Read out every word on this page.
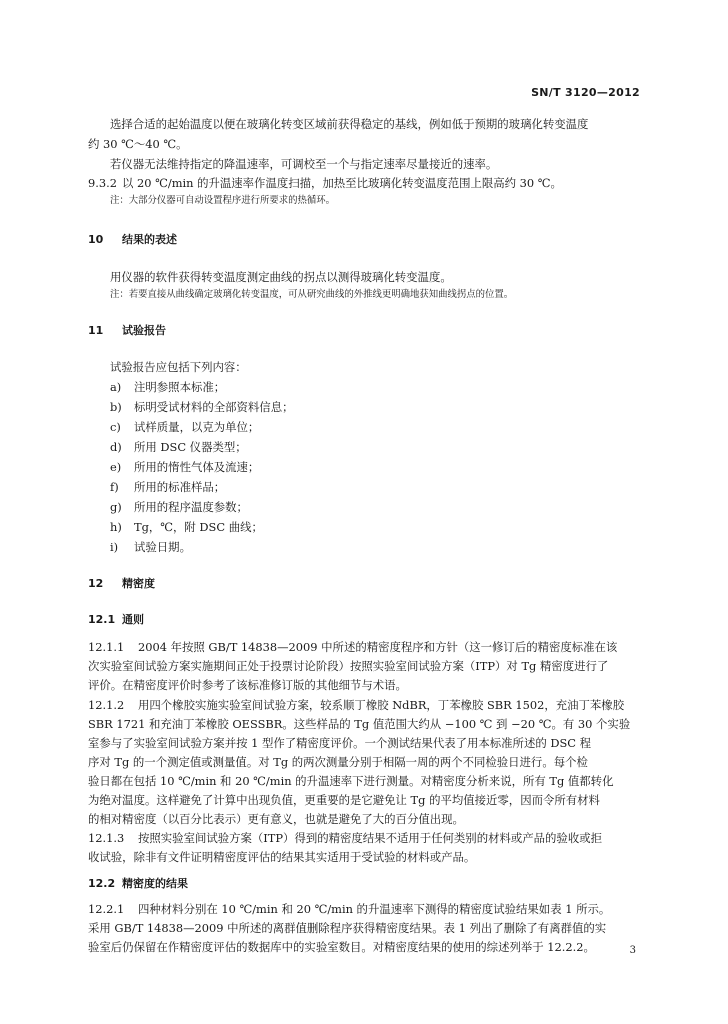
SN/T 3120—2012
选择合适的起始温度以便在玻璃化转变区域前获得稳定的基线，例如低于预期的玻璃化转变温度
约 30 ℃～40 ℃。
若仪器无法维持指定的降温速率，可调校至一个与指定速率尽量接近的速率。
9.3.2 以 20 ℃/min 的升温速率作温度扫描，加热至比玻璃化转变温度范围上限高约 30 ℃。
注：大部分仪器可自动设置程序进行所要求的热循环。
10 结果的表述
用仪器的软件获得转变温度测定曲线的拐点以测得玻璃化转变温度。
注：若要直接从曲线确定玻璃化转变温度，可从研究曲线的外推线更明确地获知曲线拐点的位置。
11 试验报告
试验报告应包括下列内容：
a) 注明参照本标准；
b) 标明受试材料的全部资料信息；
c) 试样质量，以克为单位；
d) 所用 DSC 仪器类型；
e) 所用的惰性气体及流速；
f) 所用的标准样品；
g) 所用的程序温度参数；
h) Tg，℃，附 DSC 曲线；
i) 试验日期。
12 精密度
12.1 通则
12.1.1 2004 年按照 GB/T 14838—2009 中所述的精密度程序和方针（这一修订后的精密度标准在该
次实验室间试验方案实施期间正处于投票讨论阶段）按照实验室间试验方案（ITP）对 Tg 精密度进行了
评价。在精密度评价时参考了该标准修订版的其他细节与术语。
12.1.2 用四个橡胶实施实验室间试验方案，较系顺丁橡胶 NdBR，丁苯橡胶 SBR 1502，充油丁苯橡胶
SBR 1721 和充油丁苯橡胶 OESSBR。这些样品的 Tg 值范围大约从 −100 ℃ 到 −20 ℃。有 30 个实验
室参与了实验室间试验方案并按 1 型作了精密度评价。一个测试结果代表了用本标准所述的 DSC 程
序对 Tg 的一个测定值或测量值。对 Tg 的两次测量分别于相隔一周的两个不同检验日进行。每个检
验日都在包括 10 ℃/min 和 20 ℃/min 的升温速率下进行测量。对精密度分析来说，所有 Tg 值都转化
为绝对温度。这样避免了计算中出现负值，更重要的是它避免让 Tg 的平均值接近零，因而令所有材料
的相对精密度（以百分比表示）更有意义，也就是避免了大的百分值出现。
12.1.3 按照实验室间试验方案（ITP）得到的精密度结果不适用于任何类别的材料或产品的验收或拒
收试验，除非有文件证明精密度评估的结果其实适用于受试验的材料或产品。
12.2 精密度的结果
12.2.1 四种材料分别在 10 ℃/min 和 20 ℃/min 的升温速率下测得的精密度试验结果如表 1 所示。
采用 GB/T 14838—2009 中所述的离群值删除程序获得精密度结果。表 1 列出了删除了有离群值的实
验室后仍保留在作精密度评估的数据库中的实验室数目。对精密度结果的使用的综述列举于 12.2.2。	3
